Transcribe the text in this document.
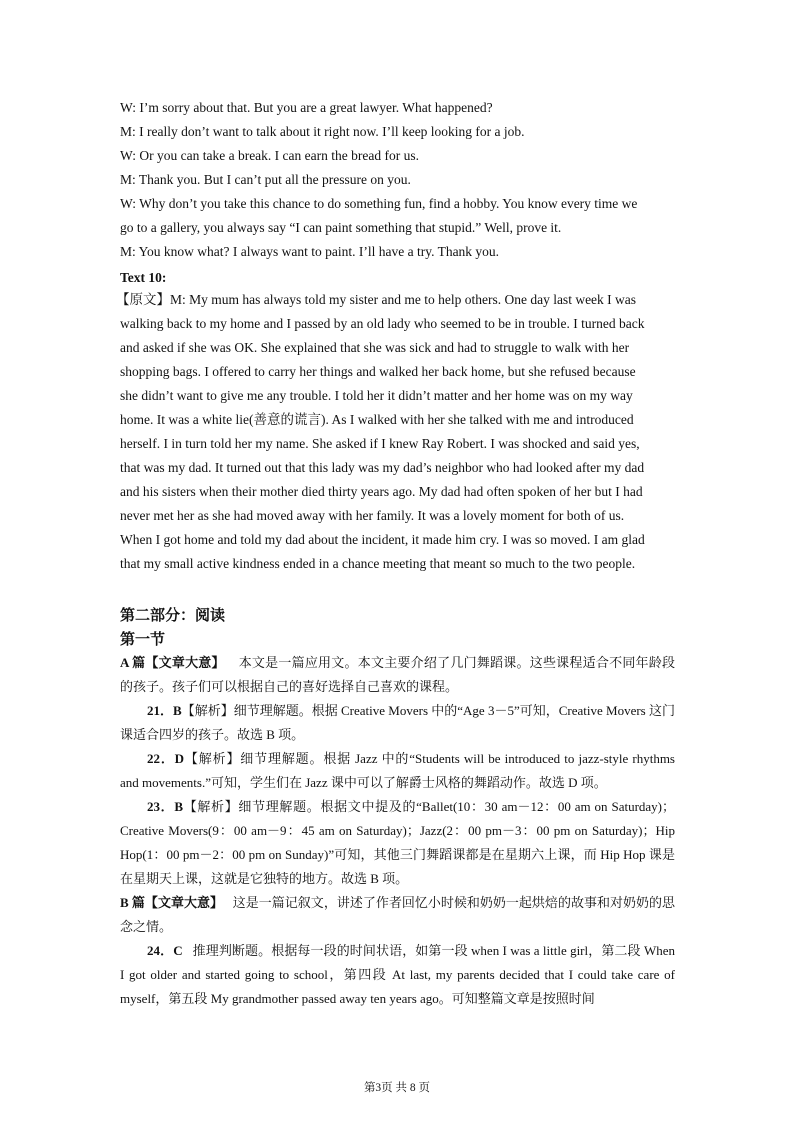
W: I’m sorry about that. But you are a great lawyer. What happened?
M: I really don’t want to talk about it right now. I’ll keep looking for a job.
W: Or you can take a break. I can earn the bread for us.
M: Thank you. But I can’t put all the pressure on you.
W: Why don’t you take this chance to do something fun, find a hobby. You know every time we
go to a gallery, you always say “I can paint something that stupid.” Well, prove it.
M: You know what? I always want to paint. I’ll have a try. Thank you.
Text 10:
【原文】M: My mum has always told my sister and me to help others. One day last week I was
walking back to my home and I passed by an old lady who seemed to be in trouble. I turned back
and asked if she was OK. She explained that she was sick and had to struggle to walk with her
shopping bags. I offered to carry her things and walked her back home, but she refused because
she didn’t want to give me any trouble. I told her it didn’t matter and her home was on my way
home. It was a white lie(善意的谎言). As I walked with her she talked with me and introduced
herself. I in turn told her my name. She asked if I knew Ray Robert. I was shocked and said yes,
that was my dad. It turned out that this lady was my dad’s neighbor who had looked after my dad
and his sisters when their mother died thirty years ago. My dad had often spoken of her but I had
never met her as she had moved away with her family. It was a lovely moment for both of us.
When I got home and told my dad about the incident, it made him cry. I was so moved. I am glad
that my small active kindness ended in a chance meeting that meant so much to the two people.
第二部分：阅读
第一节
A 篇【文章大意】 本文是一篇应用文。本文主要介绍了几门舞蹈课。这些课程适合不同年龄段的孩子。孩子们可以根据自己的喜好选择自己喜欢的课程。
21．B【解析】细节理解题。根据 Creative Movers 中的“Age 3－5”可知，Creative Movers 这门课适合四岁的孩子。故选 B 项。
22．D【解析】细节理解题。根据 Jazz 中的“Students will be introduced to jazz-style rhythms and movements.”可知，学生们在 Jazz 课中可以了解爵士风格的舞蹈动作。故选 D 项。
23．B【解析】细节理解题。根据文中提及的“Ballet(10：30 am－12：00 am on Saturday)；Creative Movers(9：00 am－9：45 am on Saturday)；Jazz(2：00 pm－3：00 pm on Saturday)；Hip Hop(1：00 pm－2：00 pm on Sunday)”可知，其他三门舞蹈课都是在星期六上课，而 Hip Hop 课是在星期天上课，这就是它独特的地方。故选 B 项。
B 篇【文章大意】 这是一篇记叙文，讲述了作者回忆小时候和奶奶一起烘焙的故事和对奶奶的思念之情。
24．C 推理判断题。根据每一段的时间状语，如第一段 when I was a little girl，第二段 When I got older and started going to school，第四段 At last, my parents decided that I could take care of myself，第五段 My grandmother passed away ten years ago。可知整篇文章是按照时间
第3页 共 8 页
